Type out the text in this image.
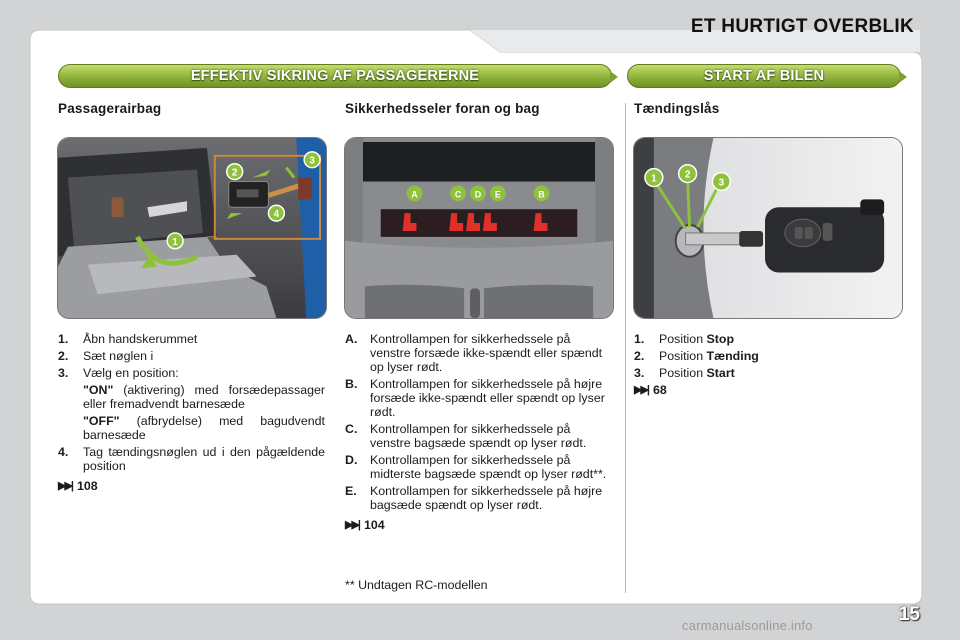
ET HURTIGT OVERBLIK
EFFEKTIV SIKRING AF PASSAGERERNE	START AF BILEN
Passagerairbag	Sikkerhedsseler foran og bag	Tændingslås
1
2
3
4
A	C D E	B
1	2
3
1.	Åbn handskerummet
2.	Sæt nøglen i
3.	Vælg en position:
"ON" (aktivering) med forsædepassager eller fremadvendt barnesæde
"OFF" (afbrydelse) med bagudvendt barnesæde
4.	Tag tændingsnøglen ud i den pågældende position
▶▶| 108
A.	Kontrollampen for sikkerhedssele på venstre forsæde ikke-spændt eller spændt op lyser rødt.
B.	Kontrollampen for sikkerhedssele på højre forsæde ikke-spændt eller spændt op lyser rødt.
C.	Kontrollampen for sikkerhedssele på venstre bagsæde spændt op lyser rødt.
D.	Kontrollampen for sikkerhedssele på midterste bagsæde spændt op lyser rødt**.
E.	Kontrollampen for sikkerhedssele på højre bagsæde spændt op lyser rødt.
▶▶| 104
** Undtagen RC-modellen
1.	Position Stop
2.	Position Tænding
3.	Position Start
▶▶| 68
15
carmanualsonline.info
